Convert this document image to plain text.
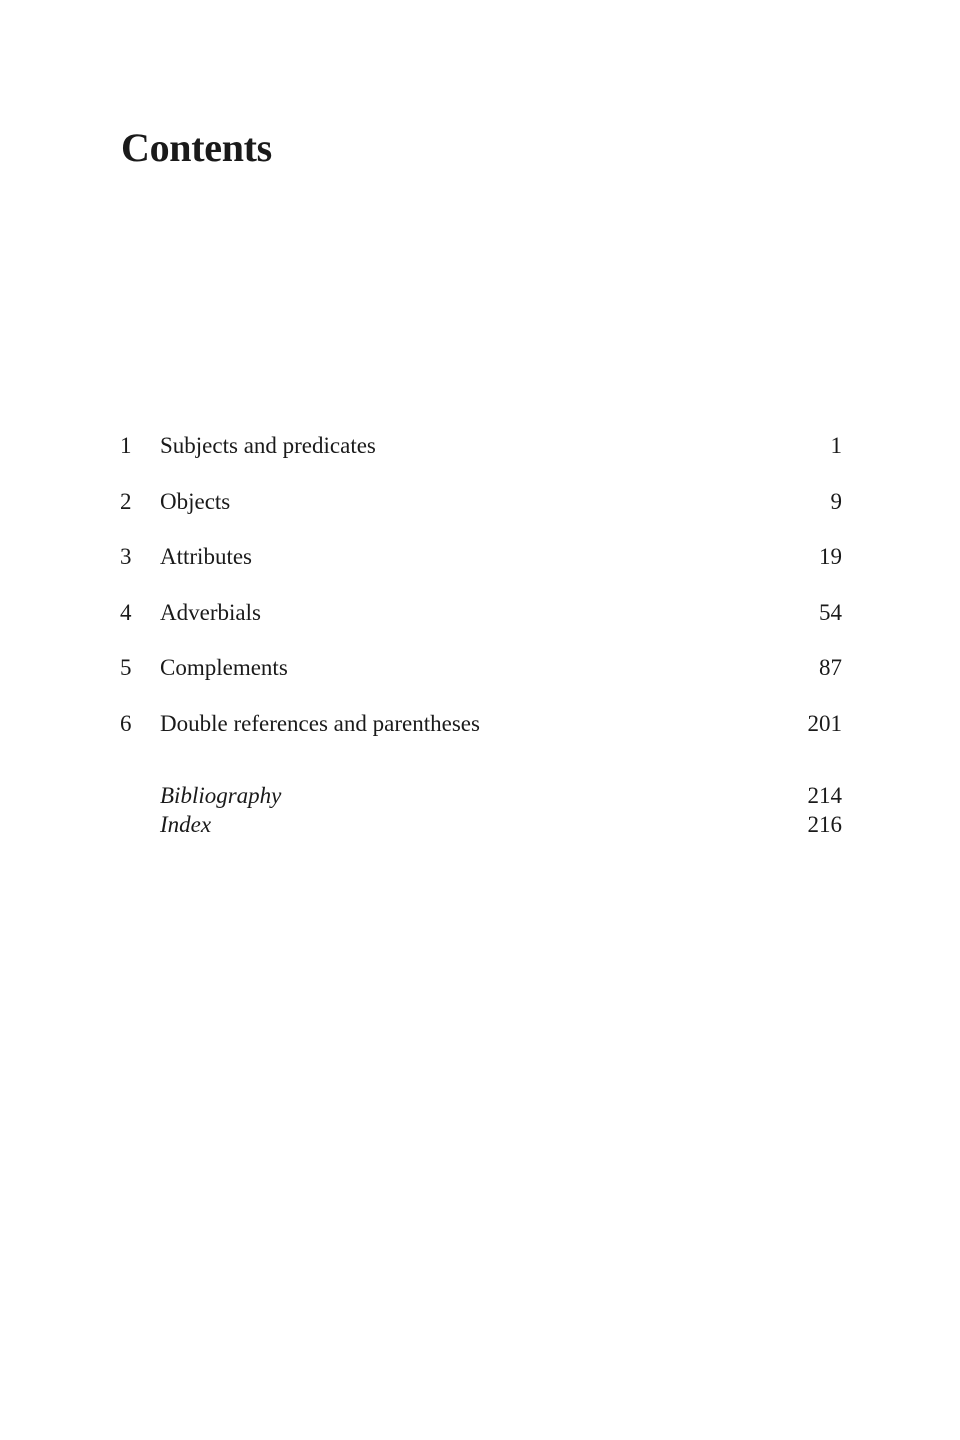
Contents
1 Subjects and predicates	1
2 Objects	9
3 Attributes	19
4 Adverbials	54
5 Complements	87
6 Double references and parentheses	201
Bibliography	214
Index	216
